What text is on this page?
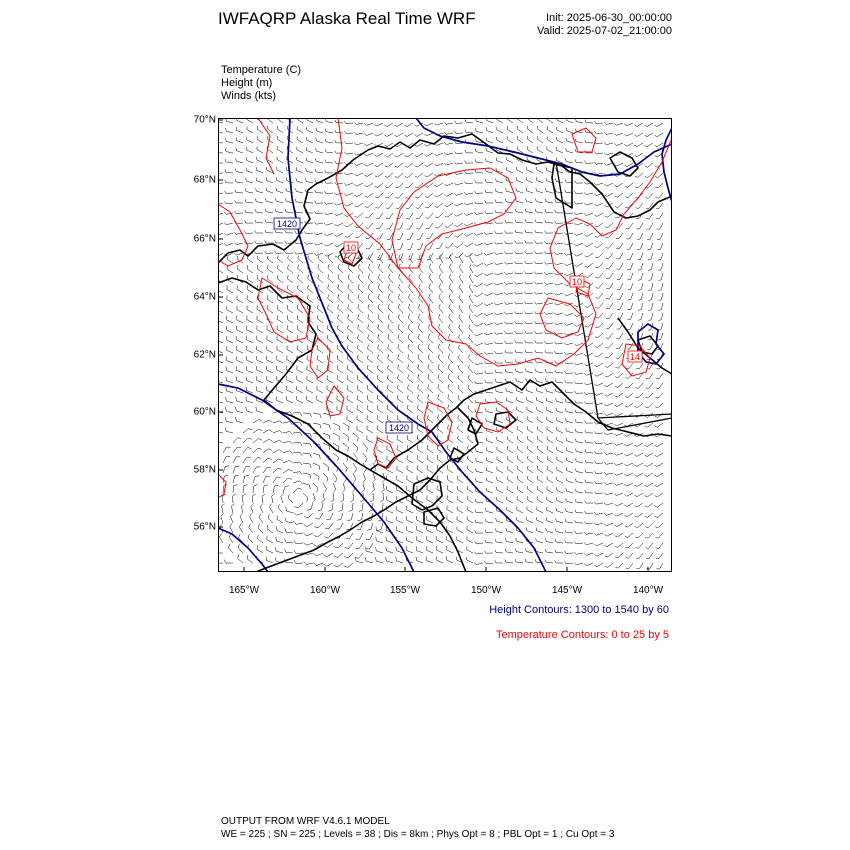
IWFAQRP Alaska Real Time WRF	Init: 2025-06-30_00:00:00
Valid: 2025-07-02_21:00:00
Temperature (C)
Height (m)
Winds (kts)
70°N
68°N
66°N
64°N
62°N
60°N
58°N
56°N
165°W	160°W	155°W	150°W	145°W	140°W
1420
1420
10
10
14
Height Contours: 1300 to 1540 by 60
Temperature Contours: 0 to 25 by 5
OUTPUT FROM WRF V4.6.1 MODEL
WE = 225 ; SN = 225 ; Levels = 38 ; Dis = 8km ; Phys Opt = 8 ; PBL Opt = 1 ; Cu Opt = 3
